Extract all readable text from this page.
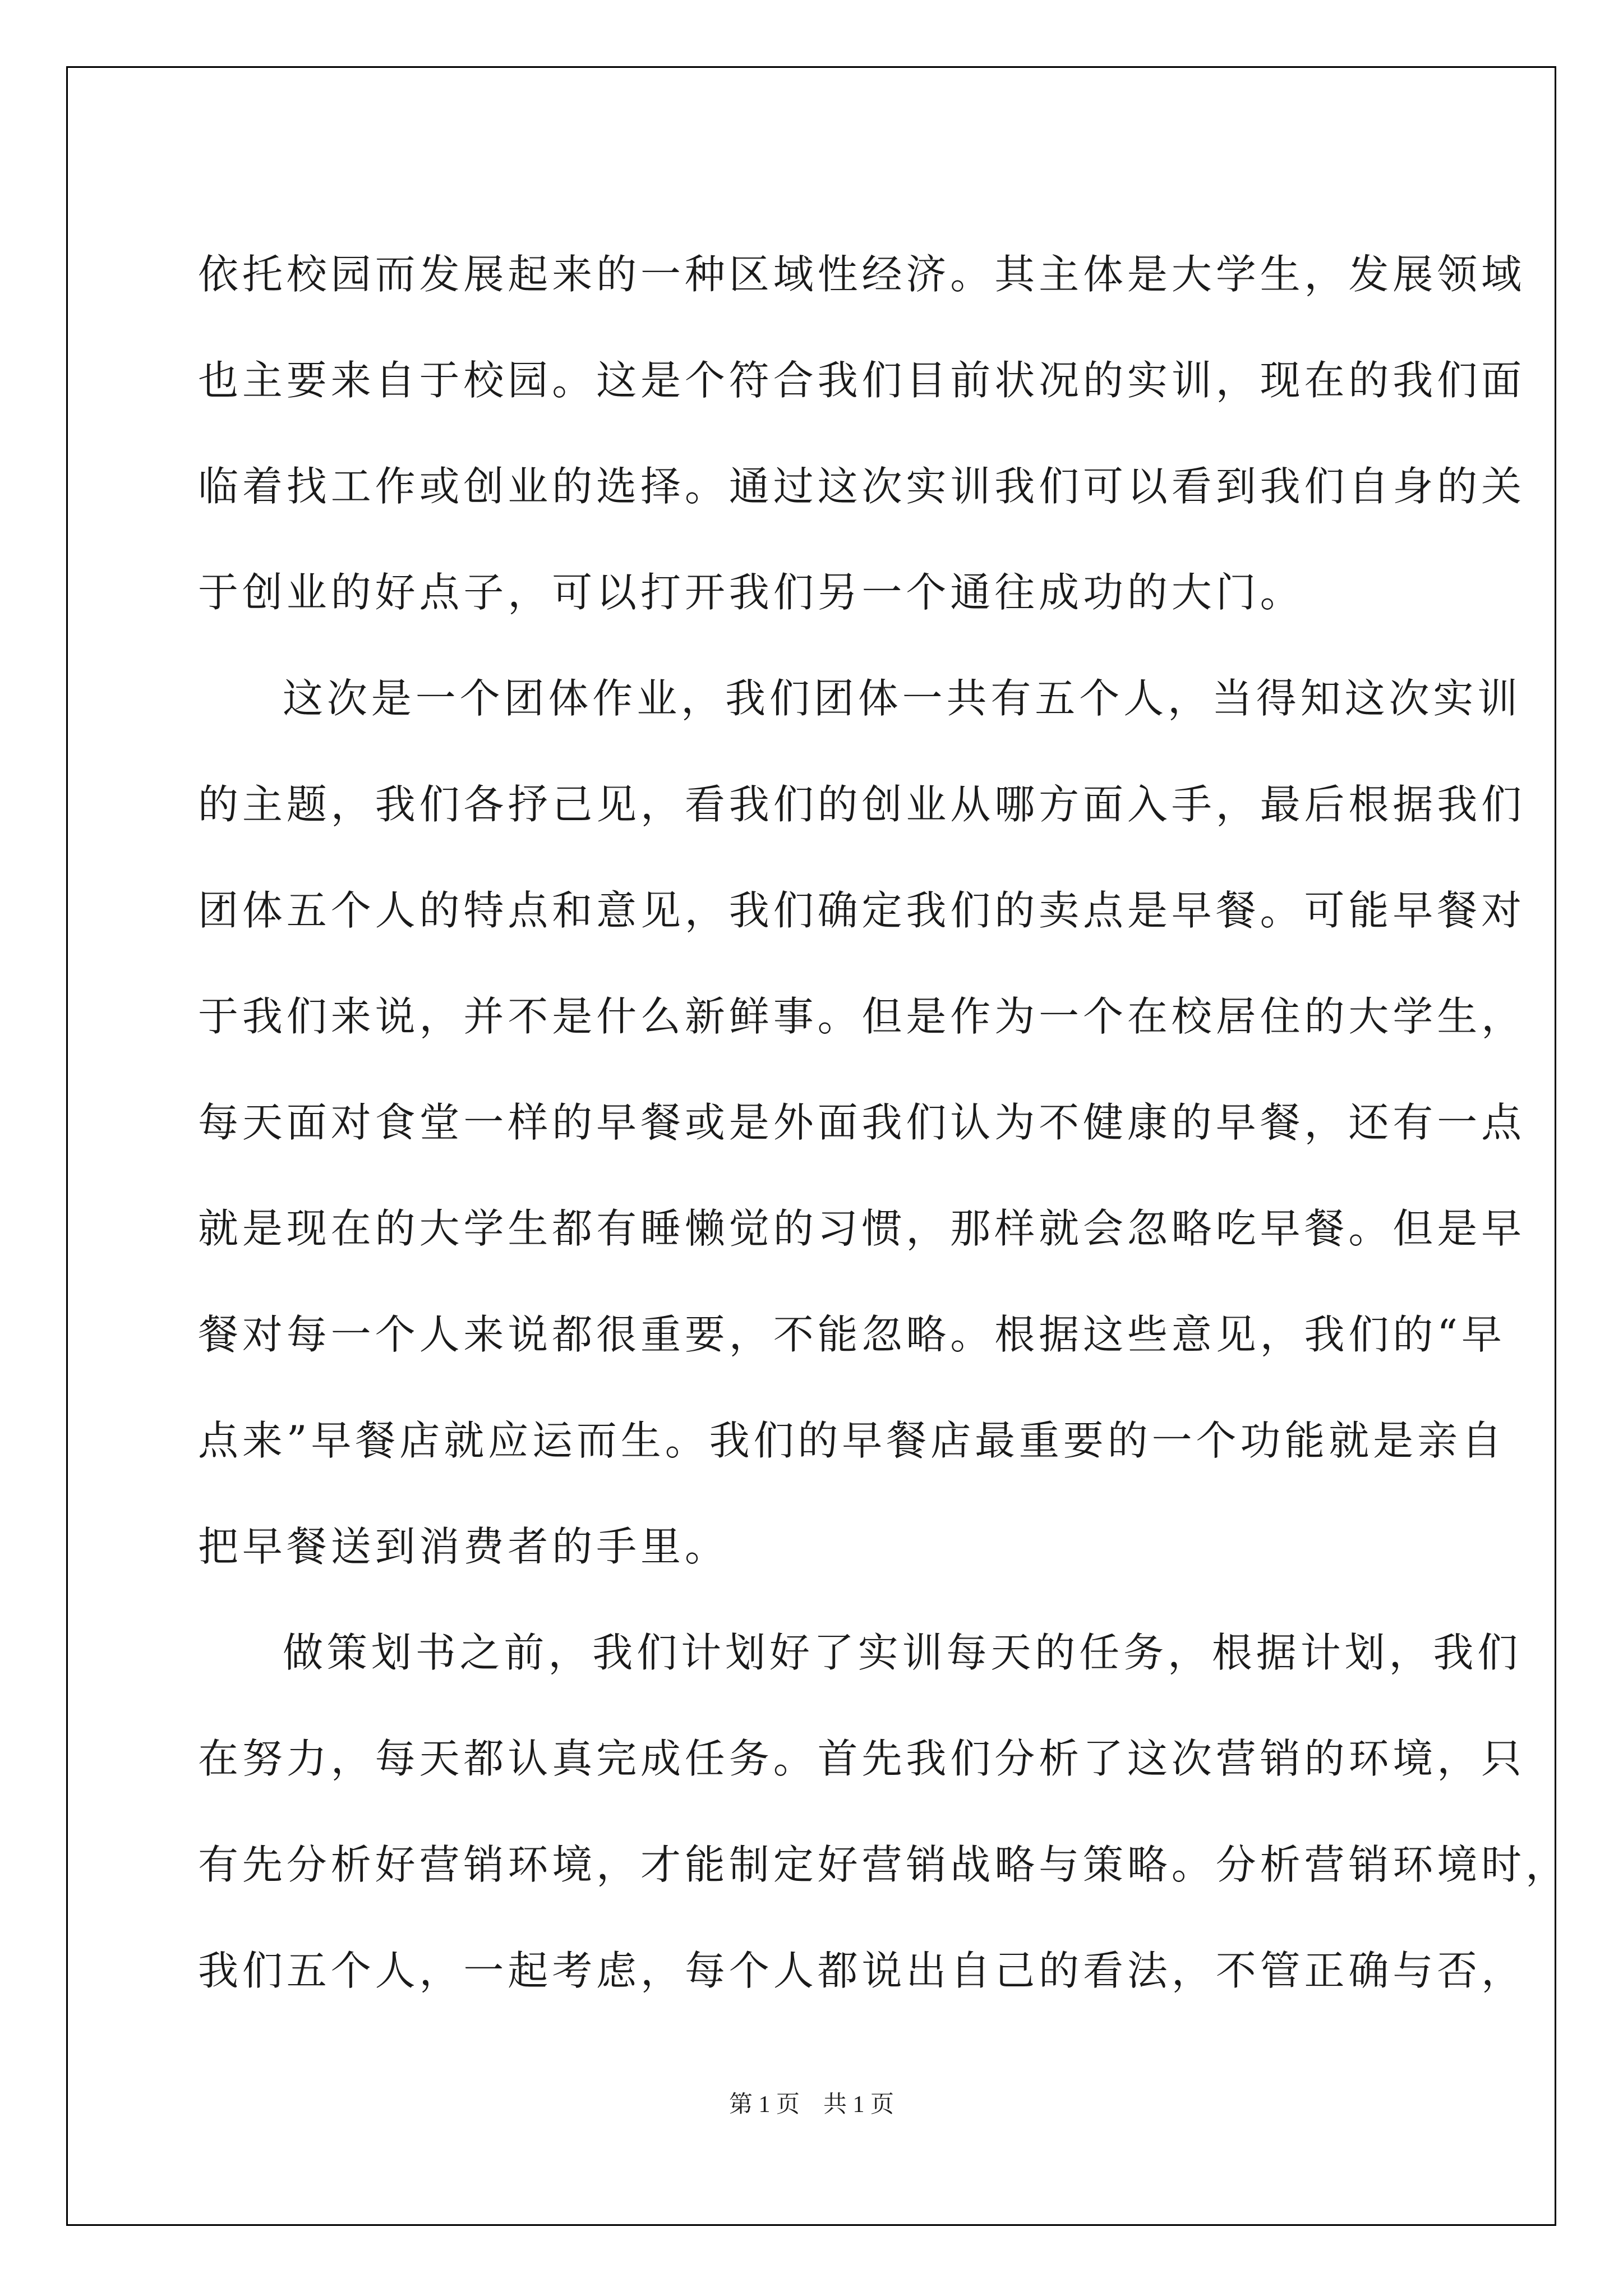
依托校园而发展起来的一种区域性经济。其主体是大学生，发展领域
也主要来自于校园。这是个符合我们目前状况的实训，现在的我们面
临着找工作或创业的选择。通过这次实训我们可以看到我们自身的关
于创业的好点子，可以打开我们另一个通往成功的大门。
这次是一个团体作业，我们团体一共有五个人，当得知这次实训
的主题，我们各抒己见，看我们的创业从哪方面入手，最后根据我们
团体五个人的特点和意见，我们确定我们的卖点是早餐。可能早餐对
于我们来说，并不是什么新鲜事。但是作为一个在校居住的大学生，
每天面对食堂一样的早餐或是外面我们认为不健康的早餐，还有一点
就是现在的大学生都有睡懒觉的习惯，那样就会忽略吃早餐。但是早
餐对每一个人来说都很重要，不能忽略。根据这些意见，我们的“早
点来”早餐店就应运而生。我们的早餐店最重要的一个功能就是亲自
把早餐送到消费者的手里。
做策划书之前，我们计划好了实训每天的任务，根据计划，我们
在努力，每天都认真完成任务。首先我们分析了这次营销的环境，只
有先分析好营销环境，才能制定好营销战略与策略。分析营销环境时，
我们五个人，一起考虑，每个人都说出自己的看法，不管正确与否，
第 1 页    共 1 页
